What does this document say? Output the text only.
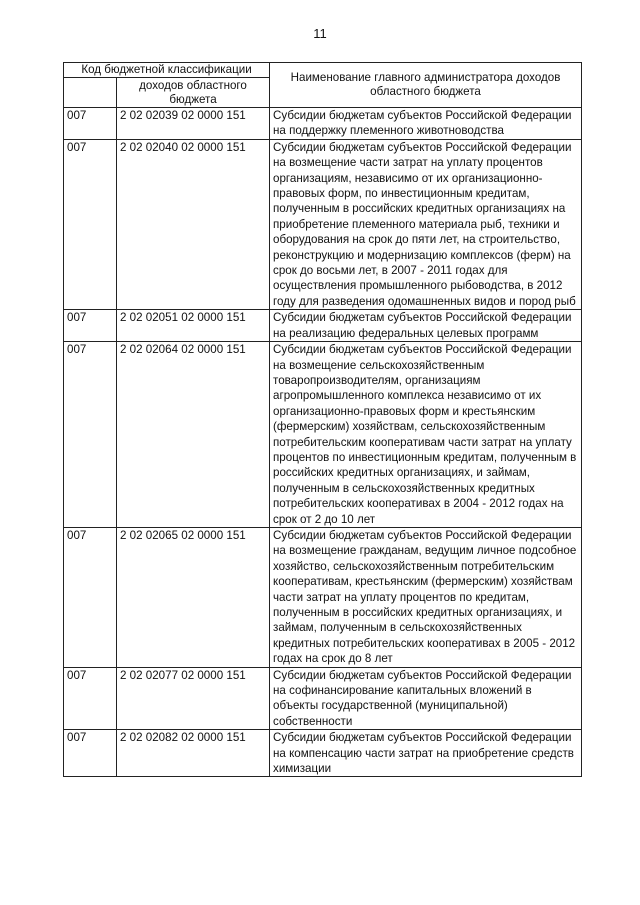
11
Код бюджетной классификации		Наименование главного администратора доходов областного бюджета
	доходов областного бюджета	
007	2 02 02039 02 0000 151	Субсидии бюджетам субъектов Российской Федерации на поддержку племенного животноводства
007	2 02 02040 02 0000 151	Субсидии бюджетам субъектов Российской Федерации на возмещение части затрат на уплату процентов организациям, независимо от их организационно-правовых форм, по инвестиционным кредитам, полученным в российских кредитных организациях на приобретение племенного материала рыб, техники и оборудования на срок до пяти лет, на строительство, реконструкцию и модернизацию комплексов (ферм) на срок до восьми лет, в 2007 - 2011 годах для осуществления промышленного рыбоводства, в 2012 году для разведения одомашненных видов и пород рыб
007	2 02 02051 02 0000 151	Субсидии бюджетам субъектов Российской Федерации на реализацию федеральных целевых программ
007	2 02 02064 02 0000 151	Субсидии бюджетам субъектов Российской Федерации на возмещение сельскохозяйственным товаропроизводителям, организациям агропромышленного комплекса независимо от их организационно-правовых форм и крестьянским (фермерским) хозяйствам, сельскохозяйственным потребительским кооперативам части затрат на уплату процентов по инвестиционным кредитам, полученным в российских кредитных организациях, и займам, полученным в сельскохозяйственных кредитных потребительских кооперативах в 2004 - 2012 годах на срок от 2 до 10 лет
007	2 02 02065 02 0000 151	Субсидии бюджетам субъектов Российской Федерации на возмещение гражданам, ведущим личное подсобное хозяйство, сельскохозяйственным потребительским кооперативам, крестьянским (фермерским) хозяйствам части затрат на уплату процентов по кредитам, полученным в российских кредитных организациях, и займам, полученным в сельскохозяйственных кредитных потребительских кооперативах в 2005 - 2012 годах на срок до 8 лет
007	2 02 02077 02 0000 151	Субсидии бюджетам субъектов Российской Федерации на софинансирование капитальных вложений в объекты государственной (муниципальной) собственности
007	2 02 02082 02 0000 151	Субсидии бюджетам субъектов Российской Федерации на компенсацию части затрат на приобретение средств химизации
